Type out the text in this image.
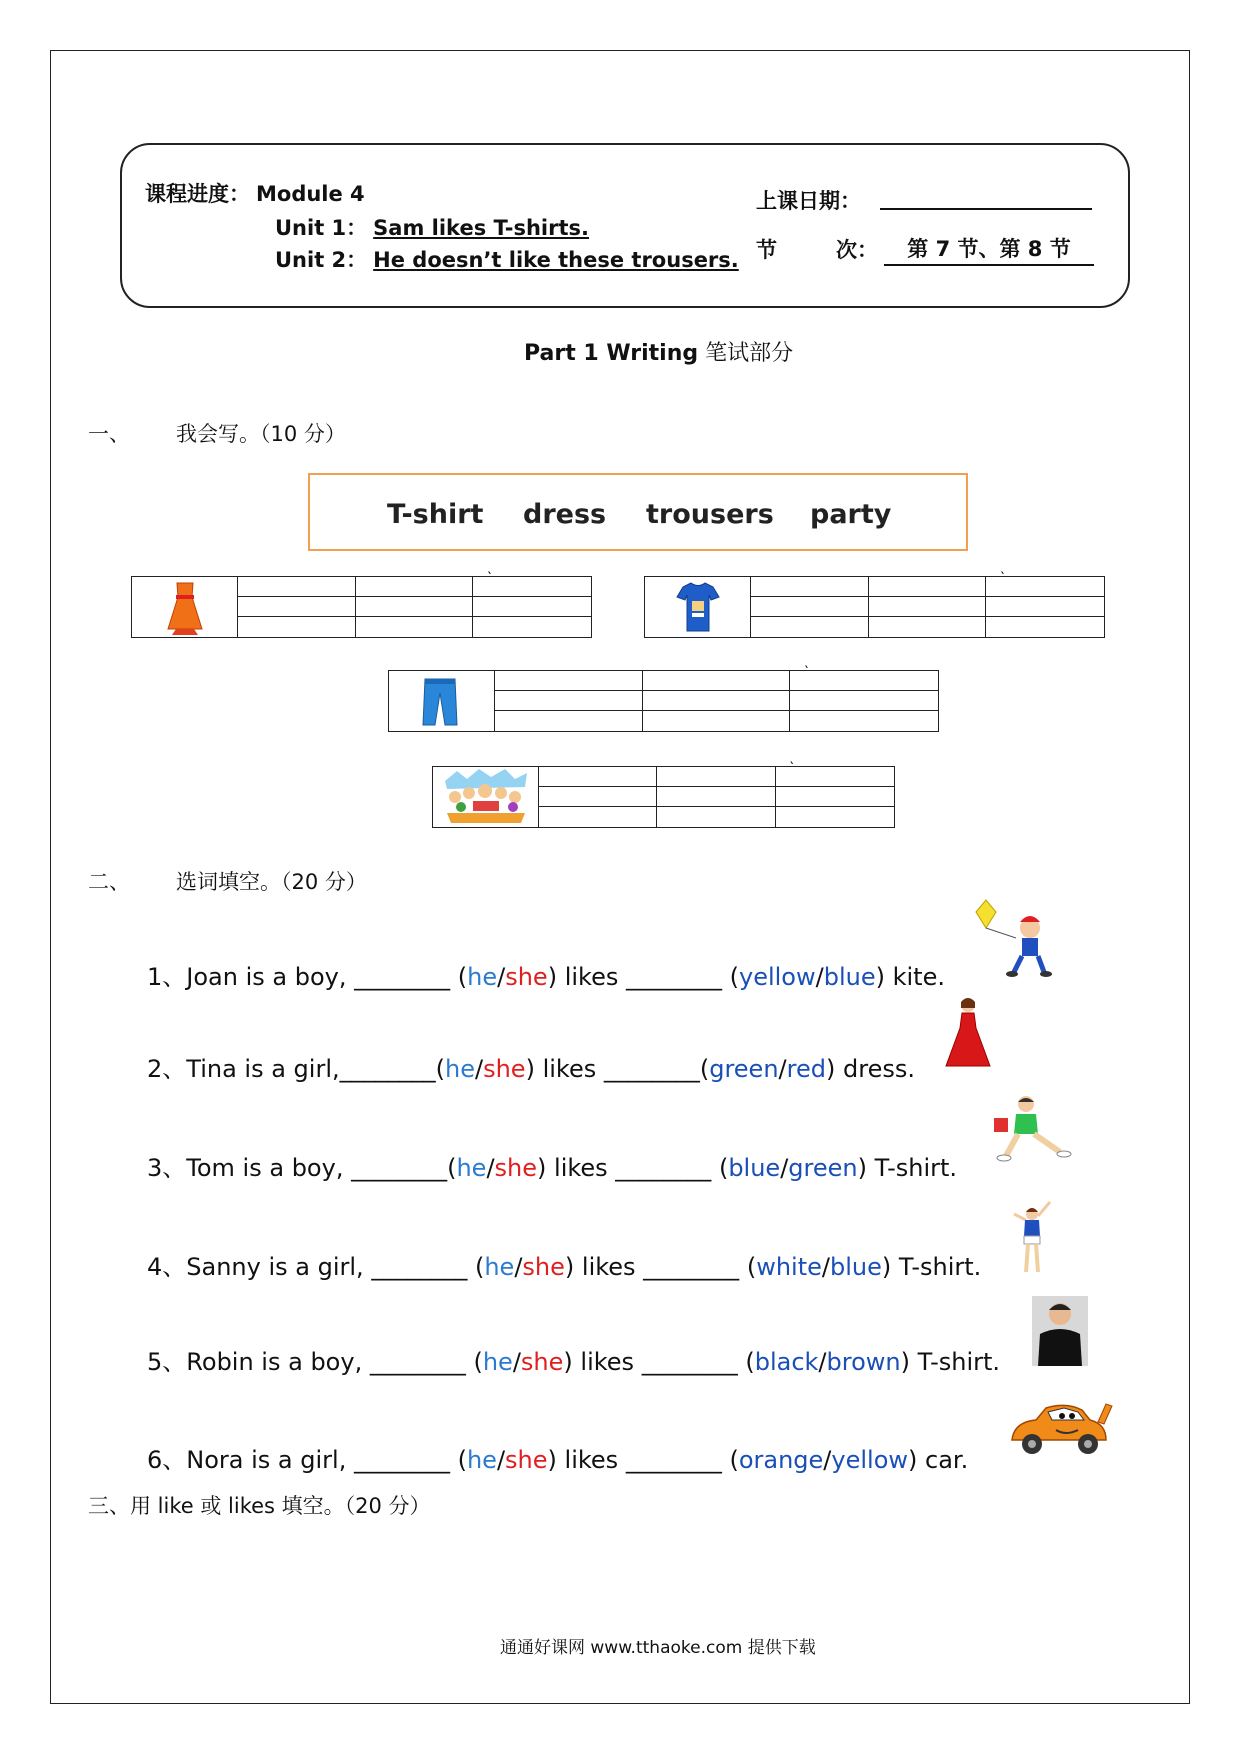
课程进度： Module 4
Unit 1： Sam likes T-shirts.
Unit 2： He doesn’t like these trousers.
上课日期：
节	次：	第 7 节、第 8 节
Part 1 Writing 笔试部分
一、 我会写。（10 分）
T-shirt dress trousers party
`	`
`
`
二、 选词填空。（20 分）
1、Joan is a boy, ________ (he/she) likes ________ (yellow/blue) kite.
2、Tina is a girl,________(he/she) likes ________(green/red) dress.
3、Tom is a boy, ________(he/she) likes ________ (blue/green) T-shirt.
4、Sanny is a girl, ________ (he/she) likes ________ (white/blue) T-shirt.
5、Robin is a boy, ________ (he/she) likes ________ (black/brown) T-shirt.
6、Nora is a girl, ________ (he/she) likes ________ (orange/yellow) car.
三、用 like 或 likes 填空。（20 分）
通通好课网 www.tthaoke.com 提供下载
